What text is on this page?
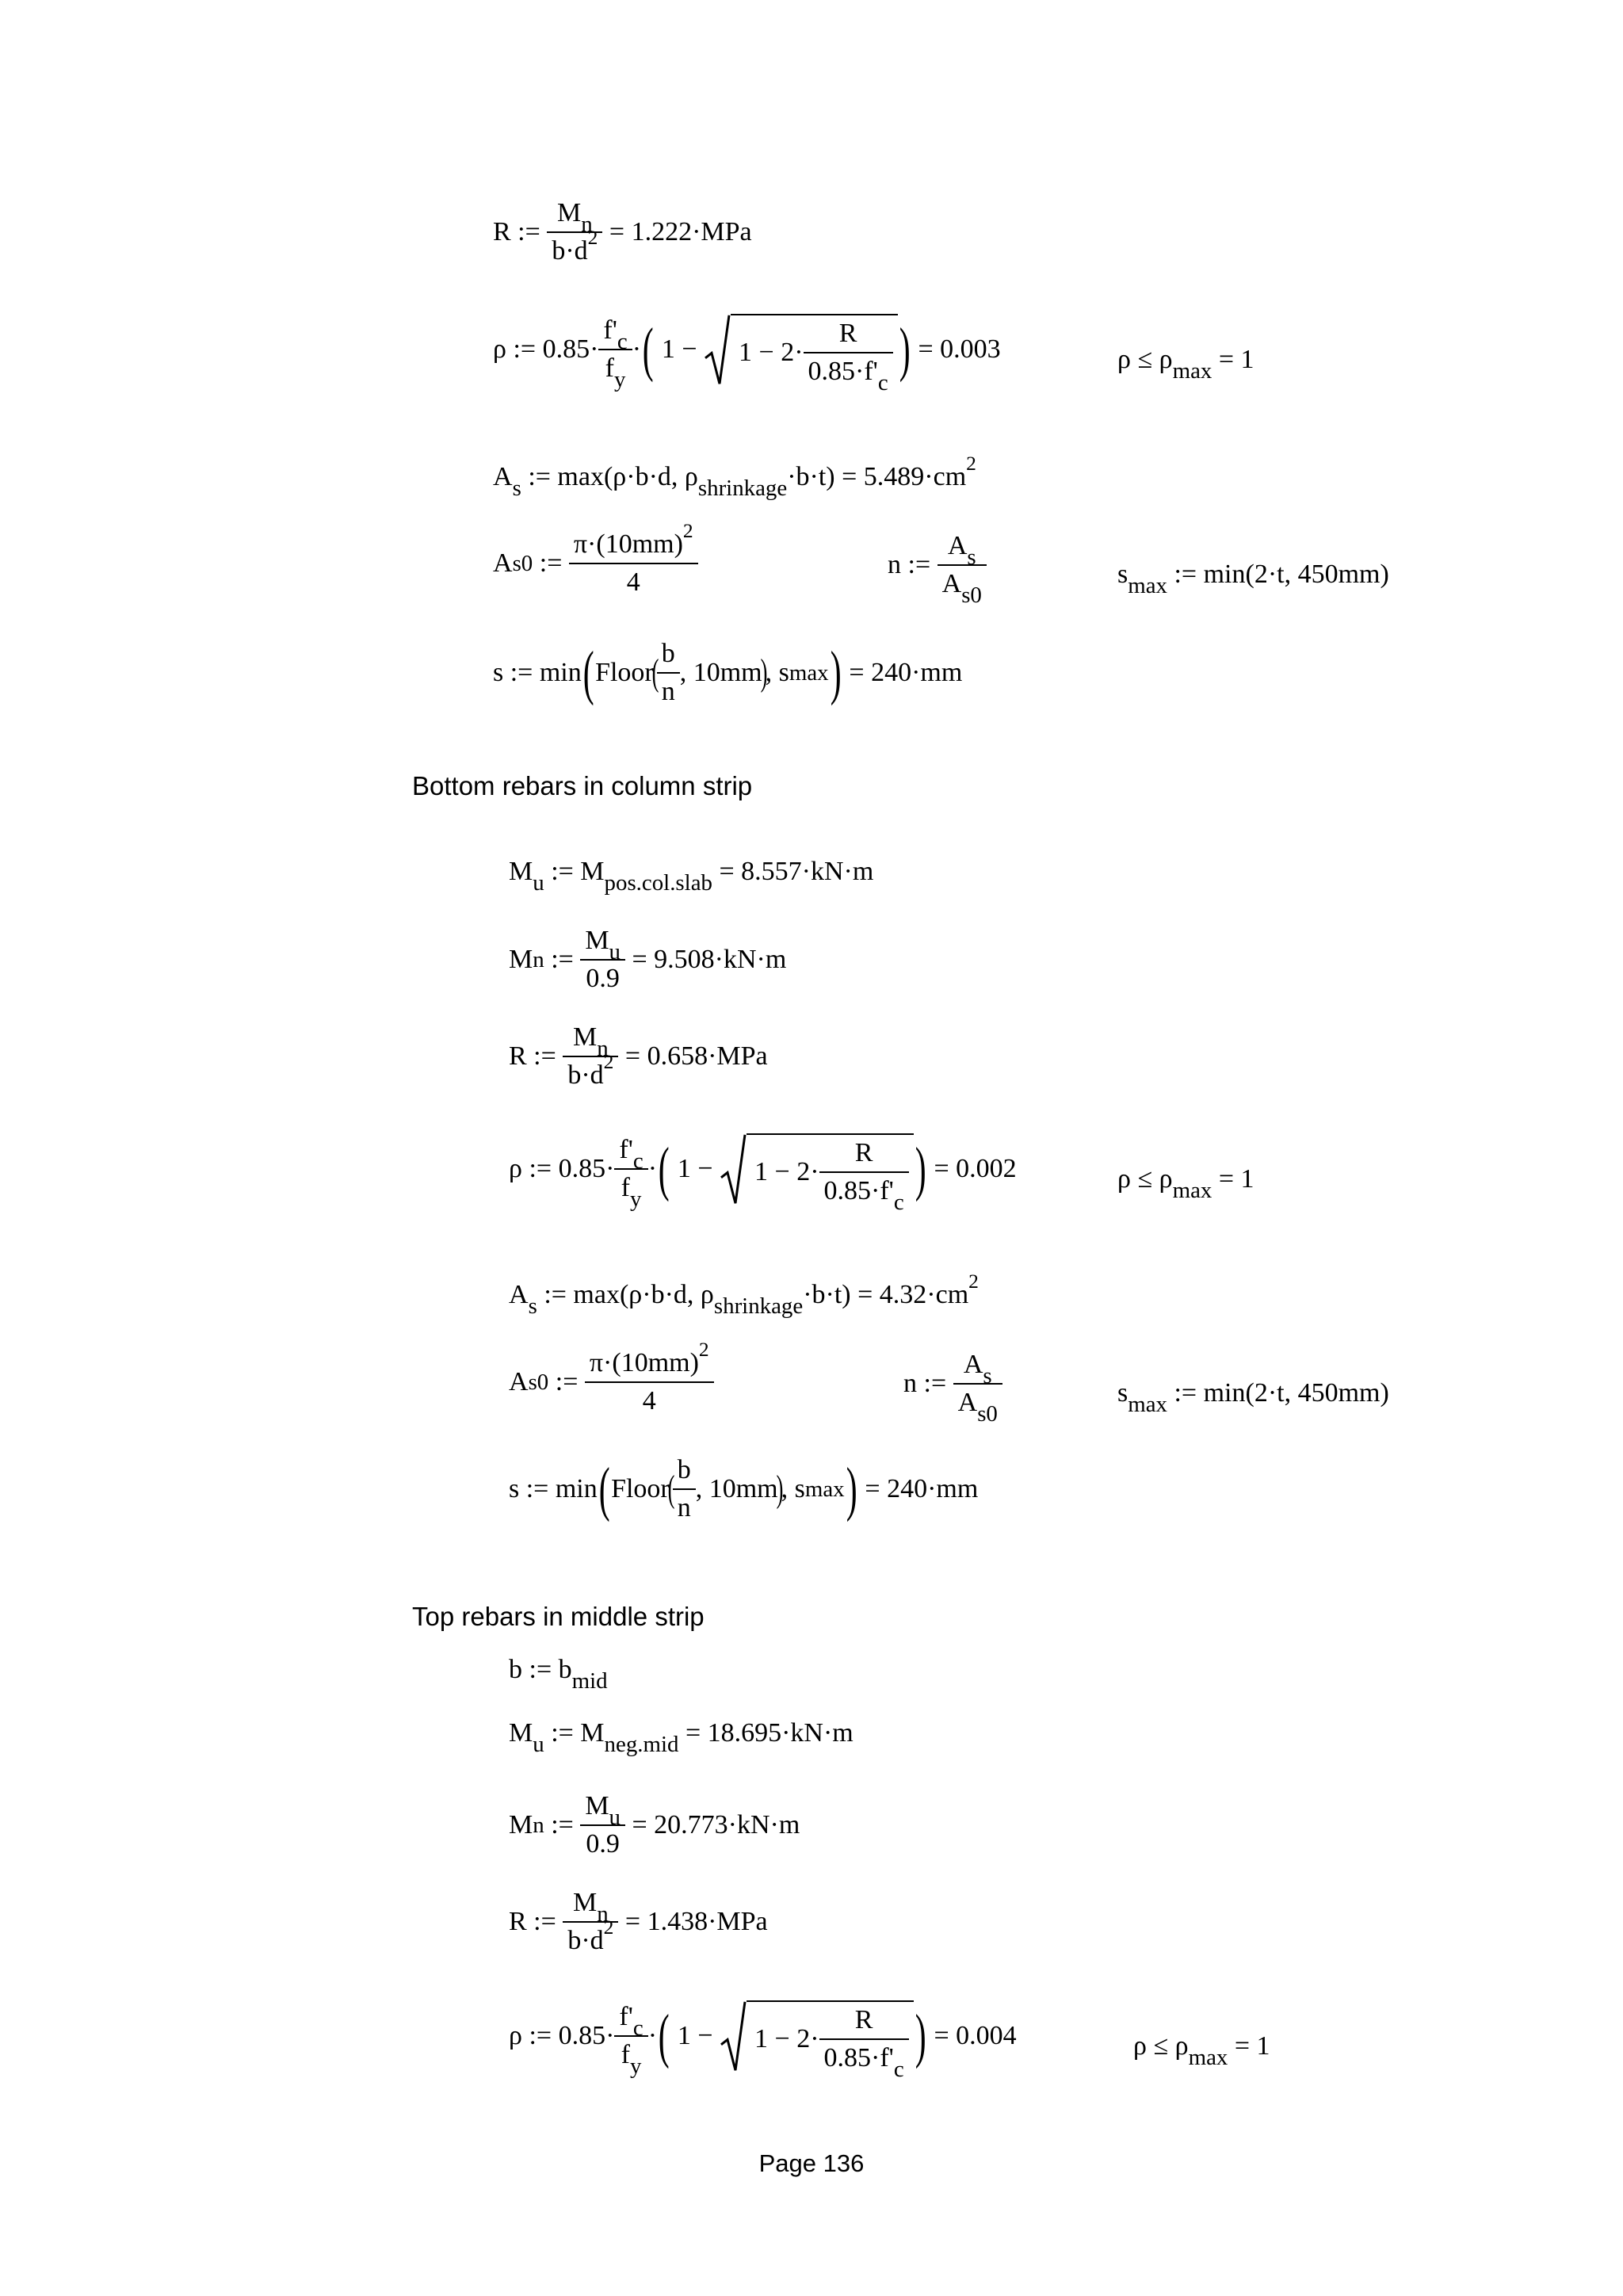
R :=
$\frac{M_n}{b\cdot d^2}$
= 1.222·MPa
ρ :=
$0.85\cdot \frac{f'_c}{f_y}$ · (
1 −
$1 - 2\cdot \frac{R}{0.85\cdot f'_c}$ )
= 0.003	$\rho \le \rho_{max} = 1$
$A_s$ := max(ρ·b·d, $\rho_{shrinkage}\cdot b\cdot t) = 5.489\cdot cm^2$
A s0
:=
$\frac{\pi\cdot(10mm)^2}{4}$	n :=
$\frac{A_s}{A_{s0}}$	$s_{max}$ := min(2·t, 450mm)
s := min ( Floor
(
$\frac{b}{n}$ , 10mm
)
, s max )
= 240·mm
Bottom rebars in column strip
$M_u$ := $M_{pos.col.slab} = 8.557\cdot kN\cdot m$
M n
:=
$\frac{M_u}{0.9}$
= 9.508·kN·m
R :=
$\frac{M_n}{b\cdot d^2}$
= 0.658·MPa
ρ :=
$0.85\cdot \frac{f'_c}{f_y}$ · (
1 −
$1 - 2\cdot \frac{R}{0.85\cdot f'_c}$ )
= 0.002	$\rho \le \rho_{max} = 1$
$A_s$ := max(ρ·b·d, $\rho_{shrinkage}\cdot b\cdot t) = 4.32\cdot cm^2$
A s0
:=
$\frac{\pi\cdot(10mm)^2}{4}$	n :=
$\frac{A_s}{A_{s0}}$	$s_{max}$ := min(2·t, 450mm)
s := min ( Floor
(
$\frac{b}{n}$ , 10mm
)
, s max )
= 240·mm
Top rebars in middle strip
b := $b_{mid}$
$M_u$ := $M_{neg.mid} = 18.695\cdot kN\cdot m$
M n
:=
$\frac{M_u}{0.9}$
= 20.773·kN·m
R :=
$\frac{M_n}{b\cdot d^2}$
= 1.438·MPa
ρ :=
$0.85\cdot \frac{f'_c}{f_y}$ · (
1 −
$1 - 2\cdot \frac{R}{0.85\cdot f'_c}$ )
= 0.004	$\rho \le \rho_{max} = 1$
Page 136
